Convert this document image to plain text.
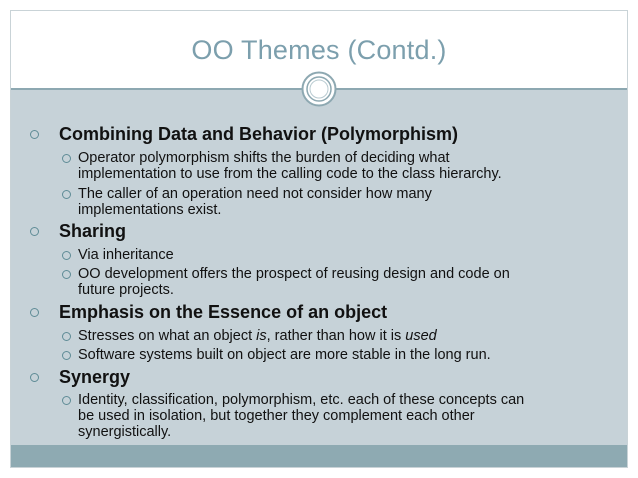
OO Themes (Contd.)
Combining Data and Behavior (Polymorphism)
Operator polymorphism shifts the burden of deciding what
implementation to use from the calling code to the class hierarchy.
The caller of an operation need not consider how many
implementations exist.
Sharing
Via inheritance
OO development offers the prospect of reusing design and code on
future projects.
Emphasis on the Essence of an object
Stresses on what an object is, rather than how it is used
Software systems built on object are more stable in the long run.
Synergy
Identity, classification, polymorphism, etc. each of these concepts can
be used in isolation, but together they complement each other
synergistically.
